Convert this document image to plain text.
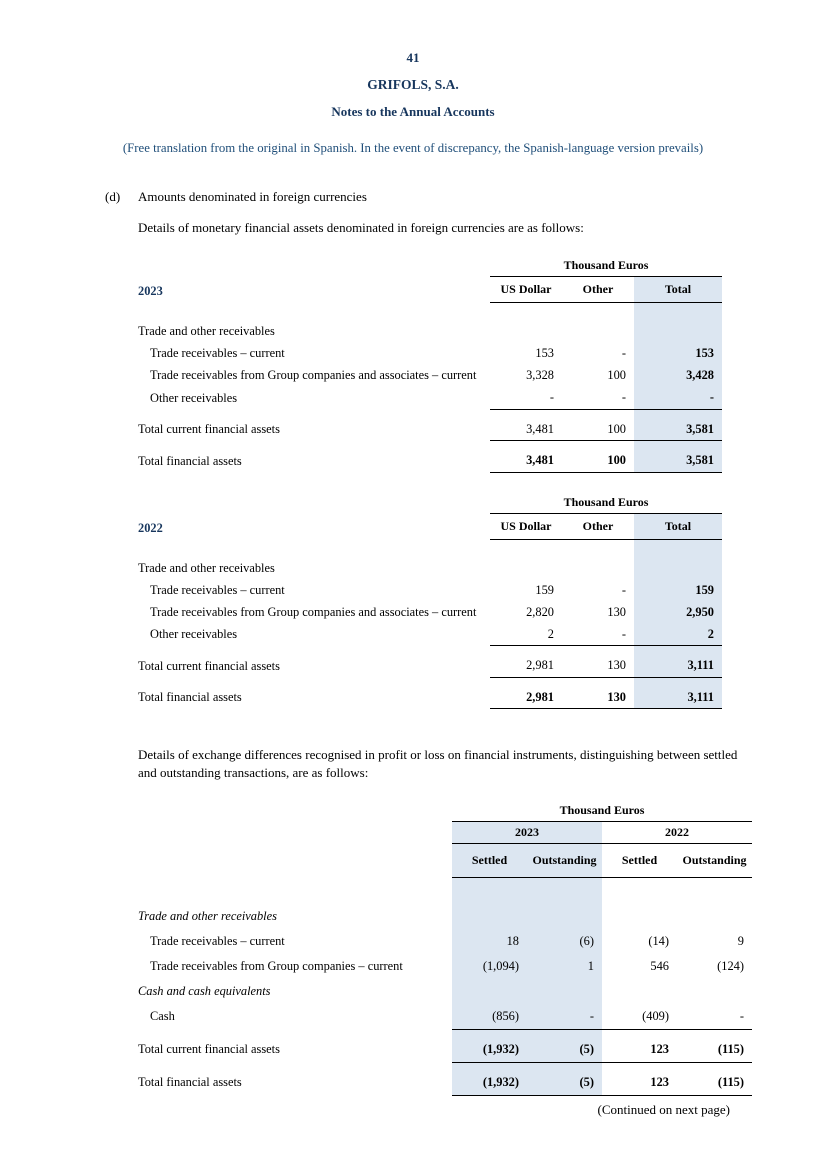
41
GRIFOLS, S.A.
Notes to the Annual Accounts
(Free translation from the original in Spanish. In the event of discrepancy, the Spanish-language version prevails)
(d)	Amounts denominated in foreign currencies

Details of monetary financial assets denominated in foreign currencies are as follows:

	Thousand Euros		
2023	US Dollar	Other	Total

Trade and other receivables			
Trade receivables – current	153	-	153
Trade receivables from Group companies and associates – current	3,328	100	3,428
Other receivables	-	-	-
Total current financial assets	3,481	100	3,581
Total financial assets	3,481	100	3,581
	Thousand Euros		
2022	US Dollar	Other	Total

Trade and other receivables			
Trade receivables – current	159	-	159
Trade receivables from Group companies and associates – current	2,820	130	2,950
Other receivables	2	-	2
Total current financial assets	2,981	130	3,111
Total financial assets	2,981	130	3,111

Details of exchange differences recognised in profit or loss on financial instruments, distinguishing between settled and outstanding transactions, are as follows:

	Thousand Euros			
	2023		2022	
	Settled	Outstanding	Settled	Outstanding

Trade and other receivables				
Trade receivables – current	18	(6)	(14)	9
Trade receivables from Group companies – current	(1,094)	1	546	(124)
Cash and cash equivalents				
Cash	(856)	-	(409)	-
Total current financial assets	(1,932)	(5)	123	(115)
Total financial assets	(1,932)	(5)	123	(115)
(Continued on next page)
